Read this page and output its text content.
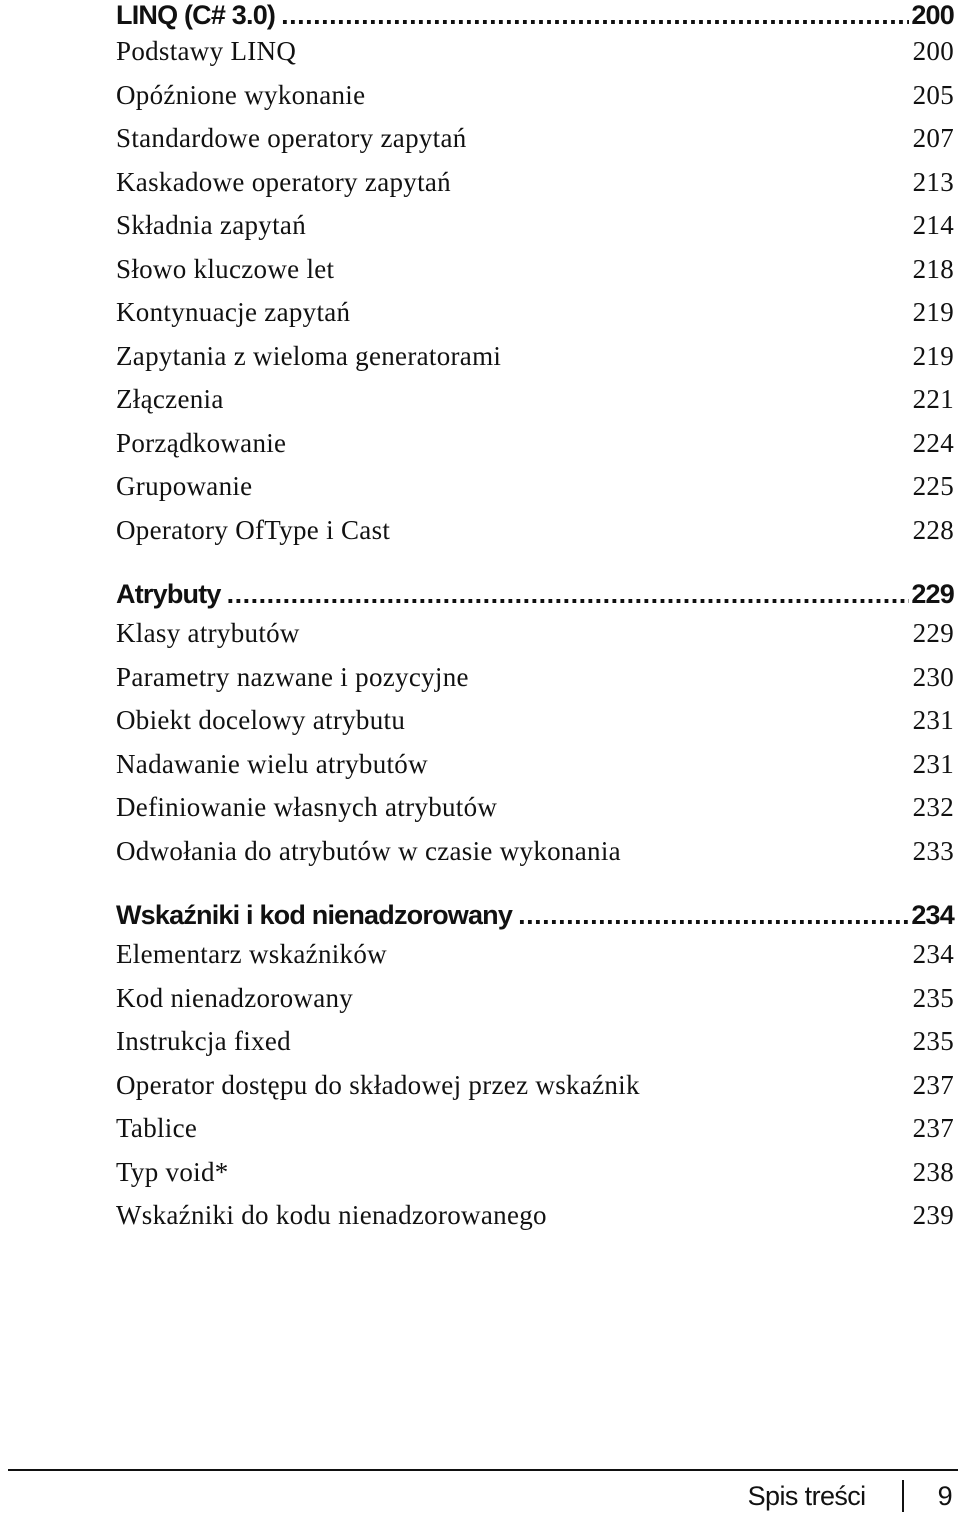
LINQ (C# 3.0) .....	200
Podstawy LINQ	200
Opóźnione wykonanie	205
Standardowe operatory zapytań	207
Kaskadowe operatory zapytań	213
Składnia zapytań	214
Słowo kluczowe let	218
Kontynuacje zapytań	219
Zapytania z wieloma generatorami	219
Złączenia	221
Porządkowanie	224
Grupowanie	225
Operatory OfType i Cast	228
Atrybuty .....	229
Klasy atrybutów	229
Parametry nazwane i pozycyjne	230
Obiekt docelowy atrybutu	231
Nadawanie wielu atrybutów	231
Definiowanie własnych atrybutów	232
Odwołania do atrybutów w czasie wykonania	233
Wskaźniki i kod nienadzorowany .....	234
Elementarz wskaźników	234
Kod nienadzorowany	235
Instrukcja fixed	235
Operator dostępu do składowej przez wskaźnik	237
Tablice	237
Typ void*	238
Wskaźniki do kodu nienadzorowanego	239
Spis treści	9
